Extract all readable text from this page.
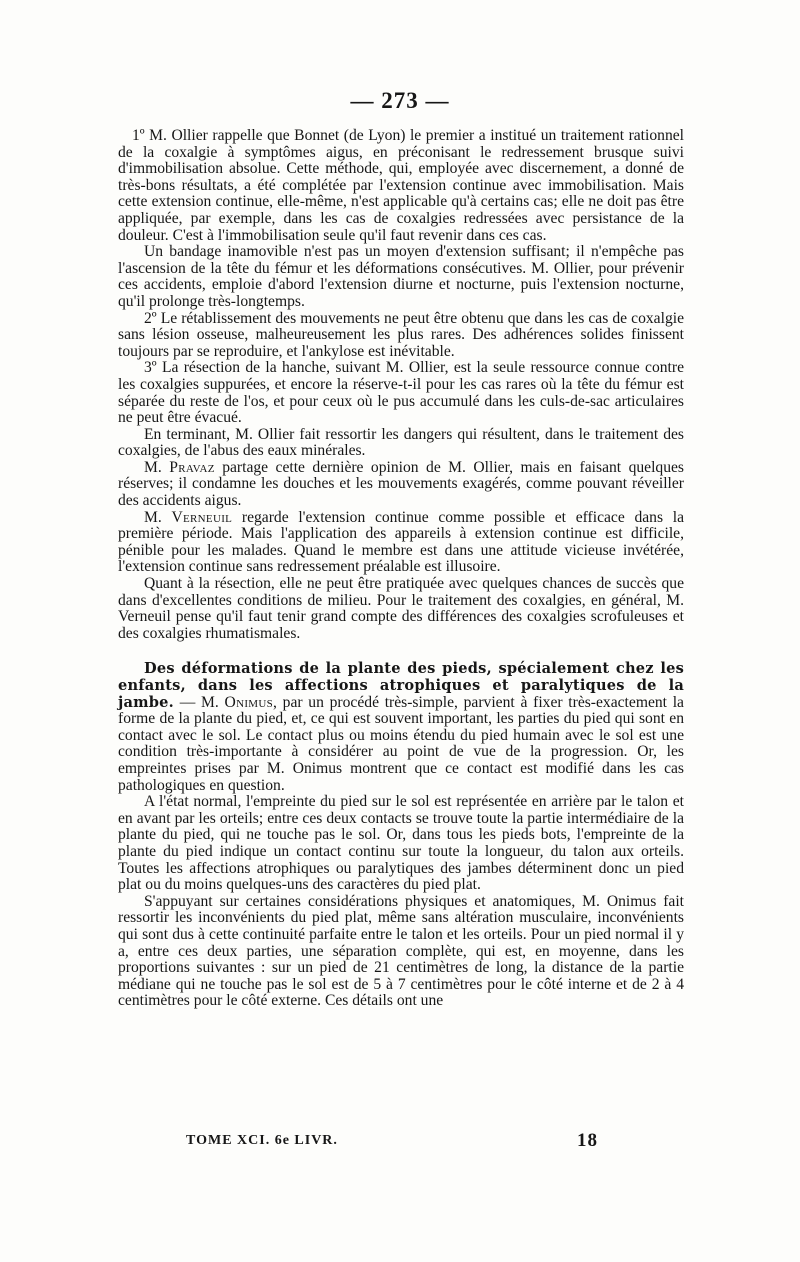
— 273 —

1º M. Ollier rappelle que Bonnet (de Lyon) le premier a institué un traitement rationnel de la coxalgie à symptômes aigus, en préconisant le redressement brusque suivi d'immobilisation absolue. Cette méthode, qui, employée avec discernement, a donné de très-bons résultats, a été complétée par l'extension continue avec immobilisation. Mais cette extension continue, elle-même, n'est applicable qu'à certains cas; elle ne doit pas être appliquée, par exemple, dans les cas de coxalgies redressées avec persistance de la douleur. C'est à l'immobilisation seule qu'il faut revenir dans ces cas.

Un bandage inamovible n'est pas un moyen d'extension suffisant; il n'empêche pas l'ascension de la tête du fémur et les déformations consécutives. M. Ollier, pour prévenir ces accidents, emploie d'abord l'extension diurne et nocturne, puis l'extension nocturne, qu'il prolonge très-longtemps.

2º Le rétablissement des mouvements ne peut être obtenu que dans les cas de coxalgie sans lésion osseuse, malheureusement les plus rares. Des adhérences solides finissent toujours par se reproduire, et l'ankylose est inévitable.

3º La résection de la hanche, suivant M. Ollier, est la seule ressource connue contre les coxalgies suppurées, et encore la réserve-t-il pour les cas rares où la tête du fémur est séparée du reste de l'os, et pour ceux où le pus accumulé dans les culs-de-sac articulaires ne peut être évacué.

En terminant, M. Ollier fait ressortir les dangers qui résultent, dans le traitement des coxalgies, de l'abus des eaux minérales.

M. Pravaz partage cette dernière opinion de M. Ollier, mais en faisant quelques réserves; il condamne les douches et les mouvements exagérés, comme pouvant réveiller des accidents aigus.

M. Verneuil regarde l'extension continue comme possible et efficace dans la première période. Mais l'application des appareils à extension continue est difficile, pénible pour les malades. Quand le membre est dans une attitude vicieuse invétérée, l'extension continue sans redressement préalable est illusoire.

Quant à la résection, elle ne peut être pratiquée avec quelques chances de succès que dans d'excellentes conditions de milieu. Pour le traitement des coxalgies, en général, M. Verneuil pense qu'il faut tenir grand compte des différences des coxalgies scrofuleuses et des coxalgies rhumatismales.

Des déformations de la plante des pieds, spécialement chez les enfants, dans les affections atrophiques et paralytiques de la jambe. — M. Onimus, par un procédé très-simple, parvient à fixer très-exactement la forme de la plante du pied, et, ce qui est souvent important, les parties du pied qui sont en contact avec le sol. Le contact plus ou moins étendu du pied humain avec le sol est une condition très-importante à considérer au point de vue de la progression. Or, les empreintes prises par M. Onimus montrent que ce contact est modifié dans les cas pathologiques en question.

A l'état normal, l'empreinte du pied sur le sol est représentée en arrière par le talon et en avant par les orteils; entre ces deux contacts se trouve toute la partie intermédiaire de la plante du pied, qui ne touche pas le sol. Or, dans tous les pieds bots, l'empreinte de la plante du pied indique un contact continu sur toute la longueur, du talon aux orteils. Toutes les affections atrophiques ou paralytiques des jambes déterminent donc un pied plat ou du moins quelques-uns des caractères du pied plat.

S'appuyant sur certaines considérations physiques et anatomiques, M. Onimus fait ressortir les inconvénients du pied plat, même sans altération musculaire, inconvénients qui sont dus à cette continuité parfaite entre le talon et les orteils. Pour un pied normal il y a, entre ces deux parties, une séparation complète, qui est, en moyenne, dans les proportions suivantes : sur un pied de 21 centimètres de long, la distance de la partie médiane qui ne touche pas le sol est de 5 à 7 centimètres pour le côté interne et de 2 à 4 centimètres pour le côté externe. Ces détails ont une

TOME XCI. 6e LIVR.	18
